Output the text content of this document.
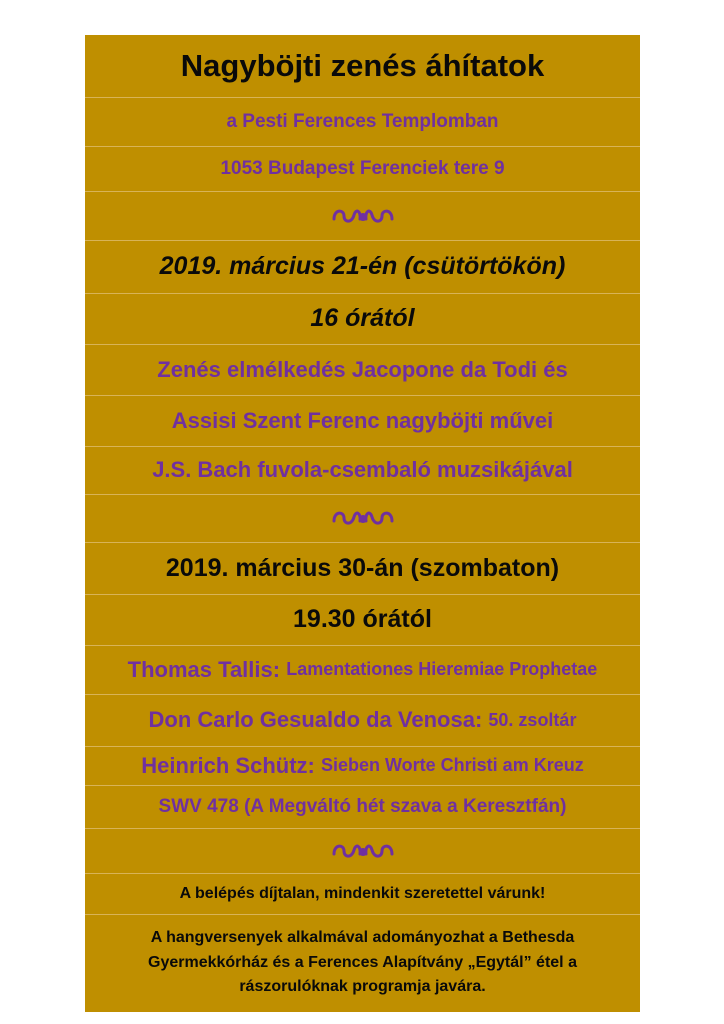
Nagyböjti zenés áhítatok
a Pesti Ferences Templomban
1053 Budapest Ferenciek tere 9
2019. március 21-én (csütörtökön)
16 órától
Zenés elmélkedés Jacopone da Todi és
Assisi Szent Ferenc nagyböjti művei
J.S. Bach fuvola-csembaló muzsikájával
2019. március 30-án (szombaton)
19.30 órától
Thomas Tallis:
Lamentationes Hieremiae Prophetae
Don Carlo Gesualdo da Venosa:
50. zsoltár
Heinrich Schütz:
Sieben Worte Christi am Kreuz
SWV 478 (A Megváltó hét szava a Keresztfán)
A belépés díjtalan, mindenkit szeretettel várunk!
A hangversenyek alkalmával adományozhat a Bethesda Gyermekkórház és a Ferences Alapítvány „Egytál” étel a rászorulóknak programja javára.
